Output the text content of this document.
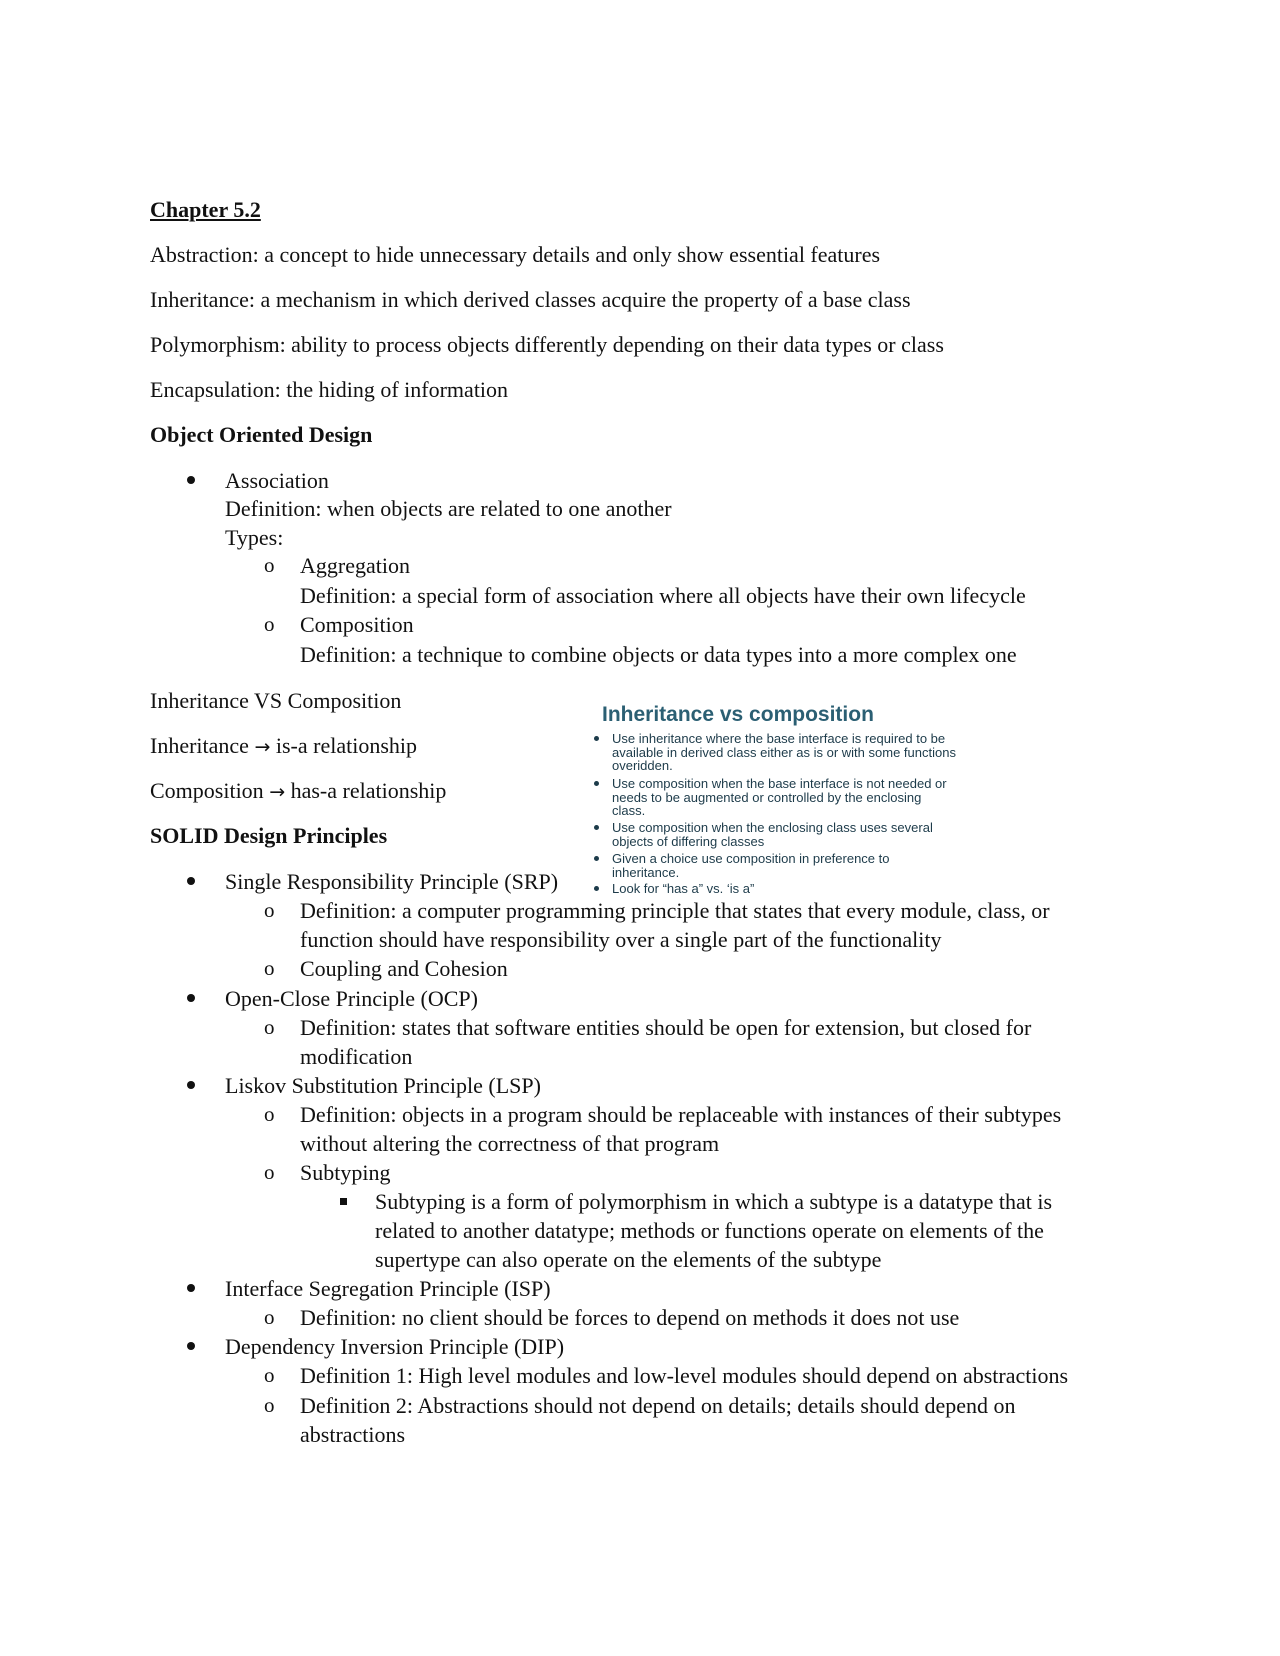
Chapter 5.2

Abstraction: a concept to hide unnecessary details and only show essential features

Inheritance: a mechanism in which derived classes acquire the property of a base class

Polymorphism: ability to process objects differently depending on their data types or class

Encapsulation: the hiding of information

Object Oriented Design

Association

Definition: when objects are related to one another

Types:

o Aggregation

Definition: a special form of association where all objects have their own lifecycle

o Composition

Definition: a technique to combine objects or data types into a more complex one

Inheritance VS Composition

Inheritance → is-a relationship

Composition → has-a relationship

Inheritance vs composition
Use inheritance where the base interface is required to be available in derived class either as is or with some functions overidden.
Use composition when the base interface is not needed or needs to be augmented or controlled by the enclosing class.
Use composition when the enclosing class uses several objects of differing classes
Given a choice use composition in preference to inheritance.
Look for “has a” vs. ‘is a”

SOLID Design Principles

Single Responsibility Principle (SRP)

o Definition: a computer programming principle that states that every module, class, or

function should have responsibility over a single part of the functionality

o Coupling and Cohesion

Open-Close Principle (OCP)

o Definition: states that software entities should be open for extension, but closed for

modification

Liskov Substitution Principle (LSP)

o Definition: objects in a program should be replaceable with instances of their subtypes

without altering the correctness of that program

o Subtyping

Subtyping is a form of polymorphism in which a subtype is a datatype that is

related to another datatype; methods or functions operate on elements of the

supertype can also operate on the elements of the subtype

Interface Segregation Principle (ISP)

o Definition: no client should be forces to depend on methods it does not use

Dependency Inversion Principle (DIP)

o Definition 1: High level modules and low-level modules should depend on abstractions

o Definition 2: Abstractions should not depend on details; details should depend on

abstractions
